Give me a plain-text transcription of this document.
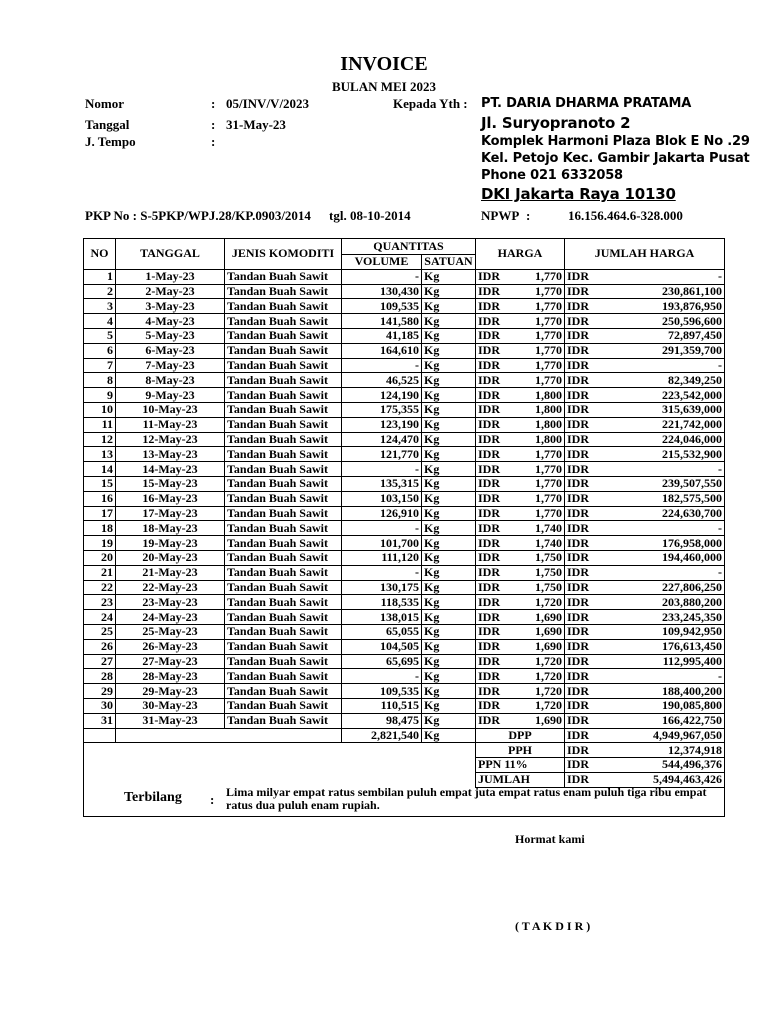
INVOICE
BULAN MEI 2023
Nomor	: 05/INV/V/2023	Kepada Yth : PT. DARIA DHARMA PRATAMA
Tanggal	: 31-May-23	Jl. Suryopranoto 2
J. Tempo	:	Komplek Harmoni Plaza Blok E No .29
Kel. Petojo Kec. Gambir Jakarta Pusat
Phone 021 6332058
DKI Jakarta Raya 10130
PKP No : S-5PKP/WPJ.28/KP.0903/2014 tgl. 08-10-2014	NPWP :	16.156.464.6-328.000
NO	TANGGAL	JENIS KOMODITI	QUANTITAS		HARGA		JUMLAH HARGA	
			VOLUME	SATUAN				
1	1-May-23	Tandan Buah Sawit	-	Kg	IDR	1,770	IDR	-
2	2-May-23	Tandan Buah Sawit	130,430	Kg	IDR	1,770	IDR	230,861,100
3	3-May-23	Tandan Buah Sawit	109,535	Kg	IDR	1,770	IDR	193,876,950
4	4-May-23	Tandan Buah Sawit	141,580	Kg	IDR	1,770	IDR	250,596,600
5	5-May-23	Tandan Buah Sawit	41,185	Kg	IDR	1,770	IDR	72,897,450
6	6-May-23	Tandan Buah Sawit	164,610	Kg	IDR	1,770	IDR	291,359,700
7	7-May-23	Tandan Buah Sawit	-	Kg	IDR	1,770	IDR	-
8	8-May-23	Tandan Buah Sawit	46,525	Kg	IDR	1,770	IDR	82,349,250
9	9-May-23	Tandan Buah Sawit	124,190	Kg	IDR	1,800	IDR	223,542,000
10	10-May-23	Tandan Buah Sawit	175,355	Kg	IDR	1,800	IDR	315,639,000
11	11-May-23	Tandan Buah Sawit	123,190	Kg	IDR	1,800	IDR	221,742,000
12	12-May-23	Tandan Buah Sawit	124,470	Kg	IDR	1,800	IDR	224,046,000
13	13-May-23	Tandan Buah Sawit	121,770	Kg	IDR	1,770	IDR	215,532,900
14	14-May-23	Tandan Buah Sawit	-	Kg	IDR	1,770	IDR	-
15	15-May-23	Tandan Buah Sawit	135,315	Kg	IDR	1,770	IDR	239,507,550
16	16-May-23	Tandan Buah Sawit	103,150	Kg	IDR	1,770	IDR	182,575,500
17	17-May-23	Tandan Buah Sawit	126,910	Kg	IDR	1,770	IDR	224,630,700
18	18-May-23	Tandan Buah Sawit	-	Kg	IDR	1,740	IDR	-
19	19-May-23	Tandan Buah Sawit	101,700	Kg	IDR	1,740	IDR	176,958,000
20	20-May-23	Tandan Buah Sawit	111,120	Kg	IDR	1,750	IDR	194,460,000
21	21-May-23	Tandan Buah Sawit	-	Kg	IDR	1,750	IDR	-
22	22-May-23	Tandan Buah Sawit	130,175	Kg	IDR	1,750	IDR	227,806,250
23	23-May-23	Tandan Buah Sawit	118,535	Kg	IDR	1,720	IDR	203,880,200
24	24-May-23	Tandan Buah Sawit	138,015	Kg	IDR	1,690	IDR	233,245,350
25	25-May-23	Tandan Buah Sawit	65,055	Kg	IDR	1,690	IDR	109,942,950
26	26-May-23	Tandan Buah Sawit	104,505	Kg	IDR	1,690	IDR	176,613,450
27	27-May-23	Tandan Buah Sawit	65,695	Kg	IDR	1,720	IDR	112,995,400
28	28-May-23	Tandan Buah Sawit	-	Kg	IDR	1,720	IDR	-
29	29-May-23	Tandan Buah Sawit	109,535	Kg	IDR	1,720	IDR	188,400,200
30	30-May-23	Tandan Buah Sawit	110,515	Kg	IDR	1,720	IDR	190,085,800
31	31-May-23	Tandan Buah Sawit	98,475	Kg	IDR	1,690	IDR	166,422,750
			2,821,540	Kg	DPP		IDR	4,949,967,050
					PPH		IDR	12,374,918
					PPN 11%		IDR	544,496,376
					JUMLAH		IDR	5,494,463,426

Terbilang : Lima milyar empat ratus sembilan puluh empat juta empat ratus enam puluh tiga ribu empat ratus dua puluh enam rupiah.
Hormat kami
( T A K D I R )
